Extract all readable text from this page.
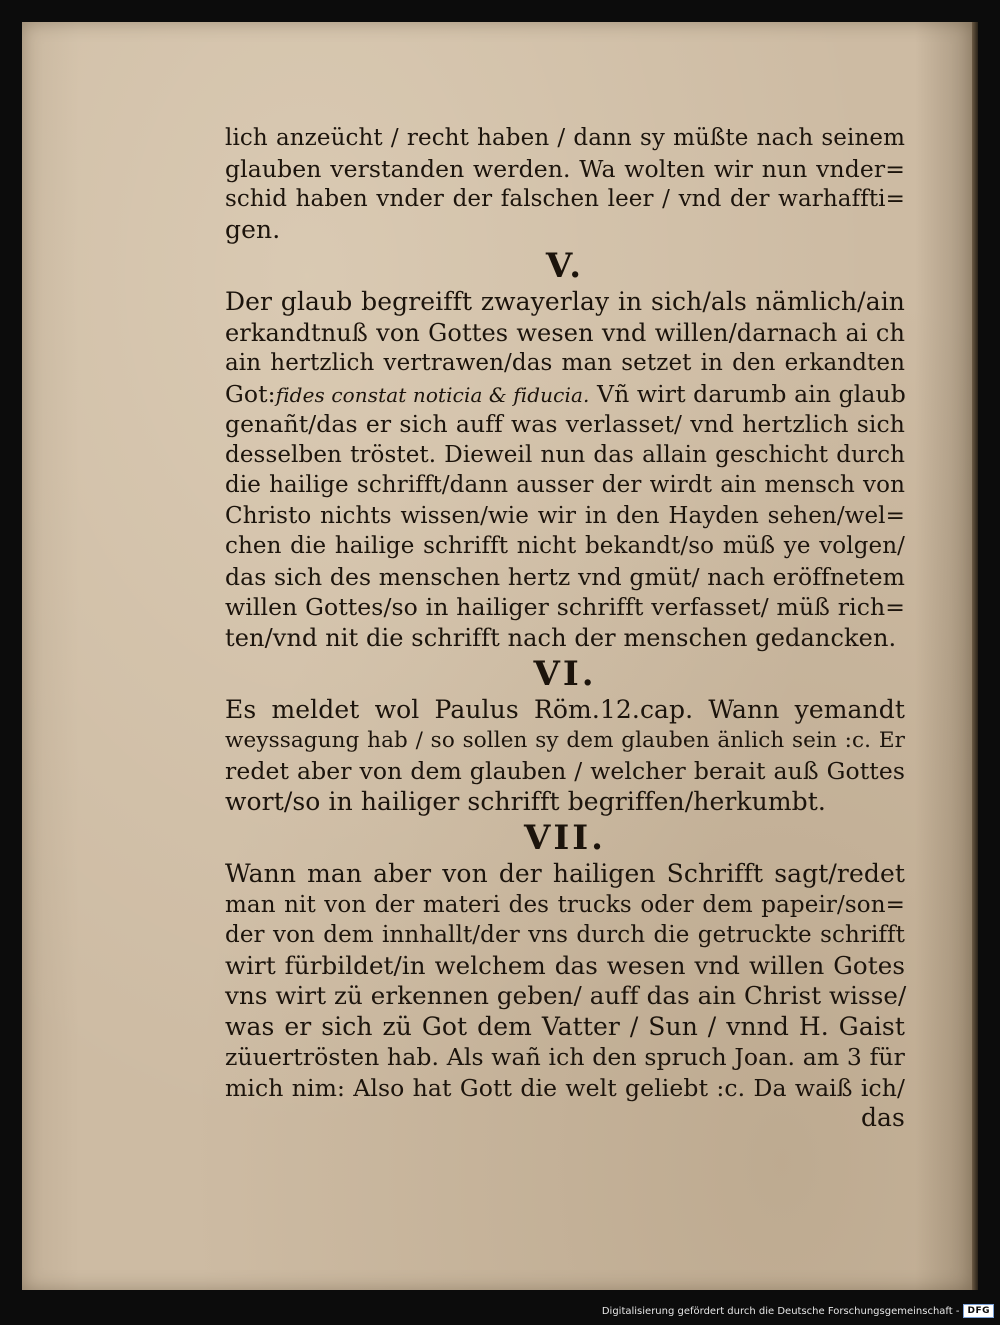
lich anzeücht / recht haben / dann sy müßte nach seinem
glauben verstanden werden. Wa wolten wir nun vnder=
schid haben vnder der falschen leer / vnd der warhaffti=
gen.
V.
Der glaub begreifft zwayerlay in sich/als nämlich/ain
erkandtnuß von Gottes wesen vnd willen/darnach ai ch
ain hertzlich vertrawen/das man setzet in den erkandten
Got:fides constat noticia & fiducia. Vñ wirt darumb ain glaub
genañt/das er sich auff was verlasset/ vnd hertzlich sich
desselben tröstet. Dieweil nun das allain geschicht durch
die hailige schrifft/dann ausser der wirdt ain mensch von
Christo nichts wissen/wie wir in den Hayden sehen/wel=
chen die hailige schrifft nicht bekandt/so müß ye volgen/
das sich des menschen hertz vnd gmüt/ nach eröffnetem
willen Gottes/so in hailiger schrifft verfasset/ müß rich=
ten/vnd nit die schrifft nach der menschen gedancken.
VI.
Es meldet wol Paulus Röm.12.cap. Wann yemandt
weyssagung hab / so sollen sy dem glauben änlich sein :c. Er
redet aber von dem glauben / welcher berait auß Gottes
wort/so in hailiger schrifft begriffen/herkumbt.
VII.
Wann man aber von der hailigen Schrifft sagt/redet
man nit von der materi des trucks oder dem papeir/son=
der von dem innhallt/der vns durch die getruckte schrifft
wirt fürbildet/in welchem das wesen vnd willen Gotes
vns wirt zü erkennen geben/ auff das ain Christ wisse/
was er sich zü Got dem Vatter / Sun / vnnd H. Gaist
züuertrösten hab. Als wañ ich den spruch Joan. am 3 für
mich nim: Also hat Gott die welt geliebt :c. Da waiß ich/
das
Digitalisierung gefördert durch die Deutsche Forschungsgemeinschaft - DFG
